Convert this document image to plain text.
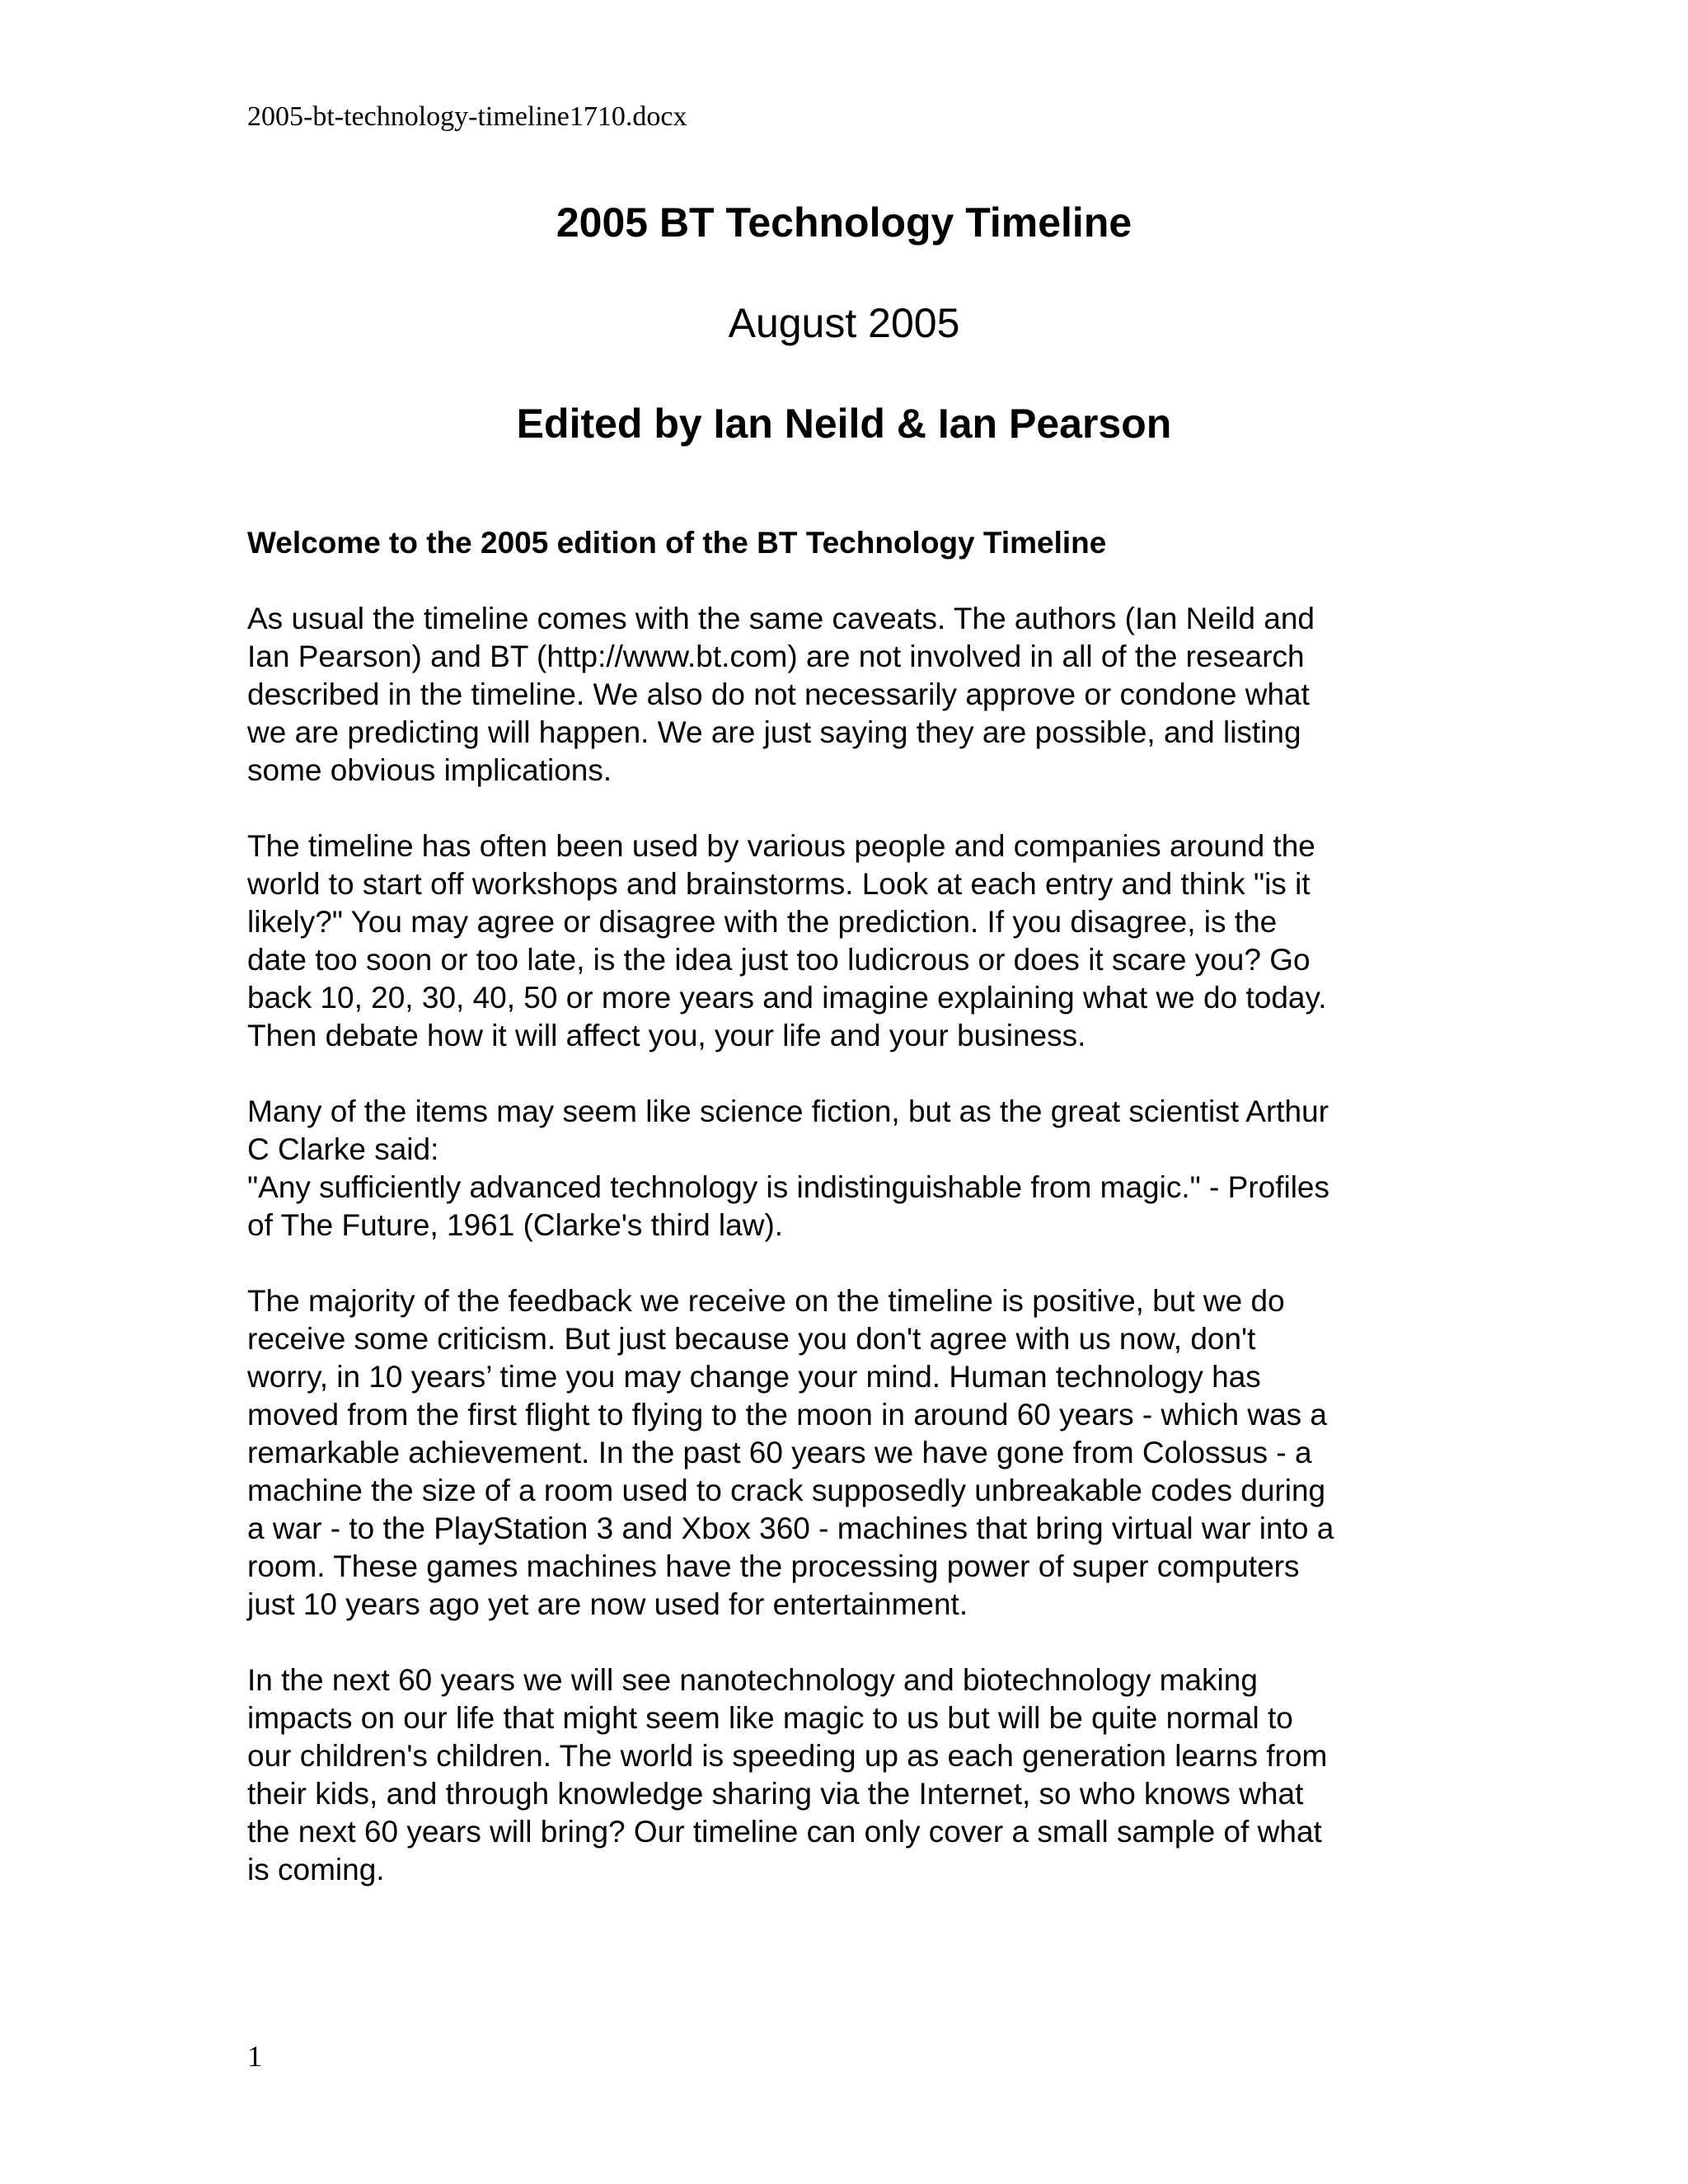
2005-bt-technology-timeline1710.docx
2005 BT Technology Timeline
August 2005
Edited by Ian Neild & Ian Pearson
Welcome to the 2005 edition of the BT Technology Timeline
As usual the timeline comes with the same caveats. The authors (Ian Neild and
Ian Pearson) and BT (http://www.bt.com) are not involved in all of the research
described in the timeline. We also do not necessarily approve or condone what
we are predicting will happen. We are just saying they are possible, and listing
some obvious implications.
The timeline has often been used by various people and companies around the
world to start off workshops and brainstorms. Look at each entry and think "is it
likely?" You may agree or disagree with the prediction. If you disagree, is the
date too soon or too late, is the idea just too ludicrous or does it scare you? Go
back 10, 20, 30, 40, 50 or more years and imagine explaining what we do today.
Then debate how it will affect you, your life and your business.
Many of the items may seem like science fiction, but as the great scientist Arthur
C Clarke said:
"Any sufficiently advanced technology is indistinguishable from magic." - Profiles
of The Future, 1961 (Clarke's third law).
The majority of the feedback we receive on the timeline is positive, but we do
receive some criticism. But just because you don't agree with us now, don't
worry, in 10 years’ time you may change your mind. Human technology has
moved from the first flight to flying to the moon in around 60 years - which was a
remarkable achievement. In the past 60 years we have gone from Colossus - a
machine the size of a room used to crack supposedly unbreakable codes during
a war - to the PlayStation 3 and Xbox 360 - machines that bring virtual war into a
room. These games machines have the processing power of super computers
just 10 years ago yet are now used for entertainment.
In the next 60 years we will see nanotechnology and biotechnology making
impacts on our life that might seem like magic to us but will be quite normal to
our children's children. The world is speeding up as each generation learns from
their kids, and through knowledge sharing via the Internet, so who knows what
the next 60 years will bring? Our timeline can only cover a small sample of what
is coming.
1
